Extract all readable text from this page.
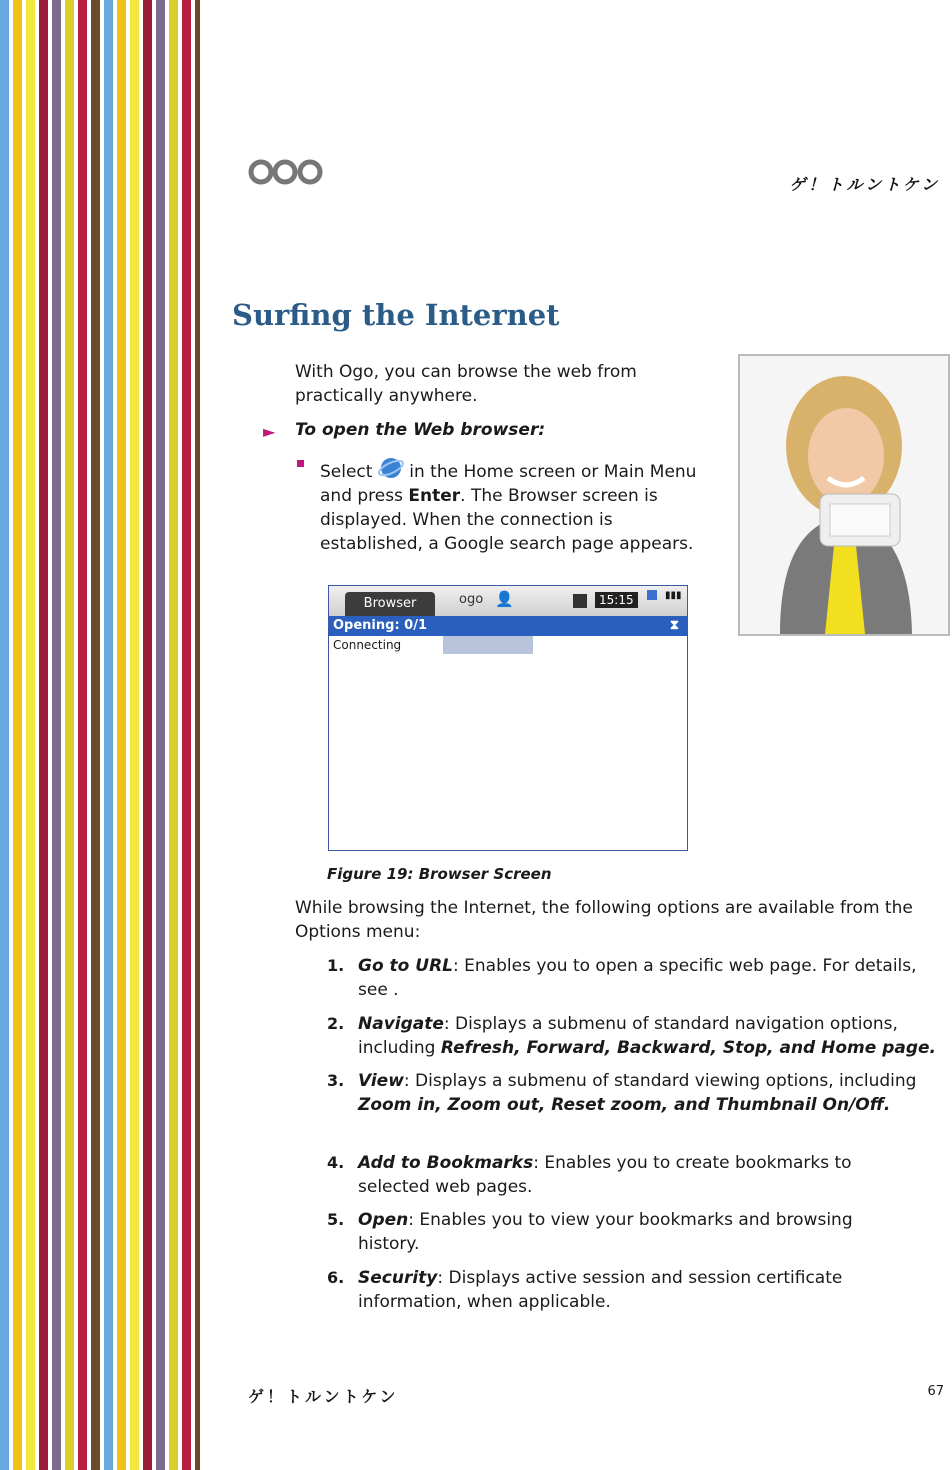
ゲ！トルントケン
Surfing the Internet
With Ogo, you can browse the web from practically anywhere.
► To open the Web browser:
Select in the Home screen or Main Menu and press Enter. The Browser screen is displayed. When the connection is established, a Google search page appears.
Browser	ogo 👤	15:15	▮▮▮
Opening: 0/1	⧗
Connecting
Figure 19: Browser Screen
While browsing the Internet, the following options are available from the Options menu:
1. Go to URL: Enables you to open a specific web page. For details, see .
2. Navigate: Displays a submenu of standard navigation options, including Refresh, Forward, Backward, Stop, and Home page.
3. View: Displays a submenu of standard viewing options, including Zoom in, Zoom out, Reset zoom, and Thumbnail On/Off.
4. Add to Bookmarks: Enables you to create bookmarks to selected web pages.
5. Open: Enables you to view your bookmarks and browsing history.
6. Security: Displays active session and session certificate information, when applicable.
ゲ！トルントケン	67
